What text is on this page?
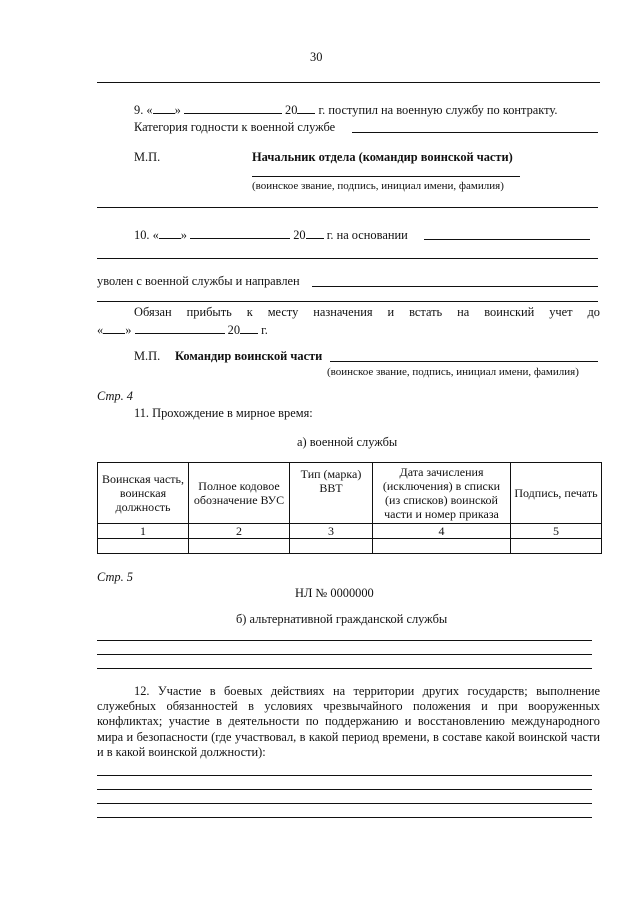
30
9. « »	20 г. поступил на военную службу по контракту.
Категория годности к военной службе
М.П.	Начальник отдела (командир воинской части)
(воинское звание, подпись, инициал имени, фамилия)
10. « »	20 г. на основании
уволен с военной службы и направлен
Обязан прибыть к месту назначения и встать на воинский учет до
« »	20 г.
М.П. Командир воинской части
(воинское звание, подпись, инициал имени, фамилия)
Стр. 4
11. Прохождение в мирное время:
а) военной службы
Воинская часть, воинская должность	Полное кодовое обозначение ВУС	Тип (марка) ВВТ	Дата зачисления (исключения) в списки (из списков) воинской части и номер приказа	Подпись, печать
1	2	3	4	5

Стр. 5
НЛ № 0000000
б) альтернативной гражданской службы
12. Участие в боевых действиях на территории других государств; выполнение служебных обязанностей в условиях чрезвычайного положения и при вооруженных конфликтах; участие в деятельности по поддержанию и восстановлению международного мира и безопасности (где участвовал, в какой период времени, в составе какой воинской части и в какой воинской должности):
